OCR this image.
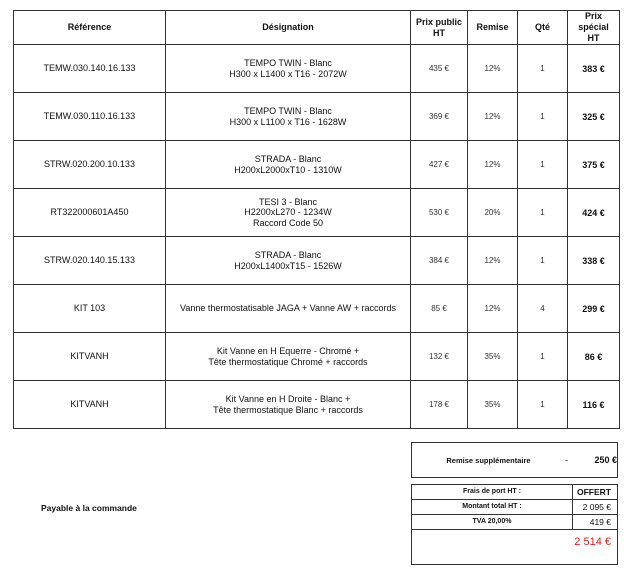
Référence	Désignation	Prix public HT	Remise	Qté	Prix spécial HT
TEMW.030.140.16.133	TEMPO TWIN - Blanc
H300 x L1400 x T16 - 2072W	435 €	12%	1	383 €
TEMW.030.110.16.133	TEMPO TWIN - Blanc
H300 x L1100 x T16 - 1628W	369 €	12%	1	325 €
STRW.020.200.10.133	STRADA - Blanc
H200xL2000xT10 - 1310W	427 €	12%	1	375 €
RT322000601A450	TESI 3 - Blanc
H2200xL270 - 1234W
Raccord Code 50	530 €	20%	1	424 €
STRW.020.140.15.133	STRADA - Blanc
H200xL1400xT15 - 1526W	384 €	12%	1	338 €
KIT 103	Vanne thermostatisable JAGA + Vanne AW + raccords	85 €	12%	4	299 €
KITVANH	Kit Vanne en H Equerre - Chromé +
Tête thermostatique Chromé + raccords	132 €	35%	1	86 €
KITVANH	Kit Vanne en H Droite - Blanc +
Tête thermostatique Blanc + raccords	178 €	35%	1	116 €
Remise supplémentaire	-	250 €
Frais de port HT :	OFFERT
Montant total HT :	2 095 €
TVA 20,00%	419 €
2 514 €
Payable à la commande
